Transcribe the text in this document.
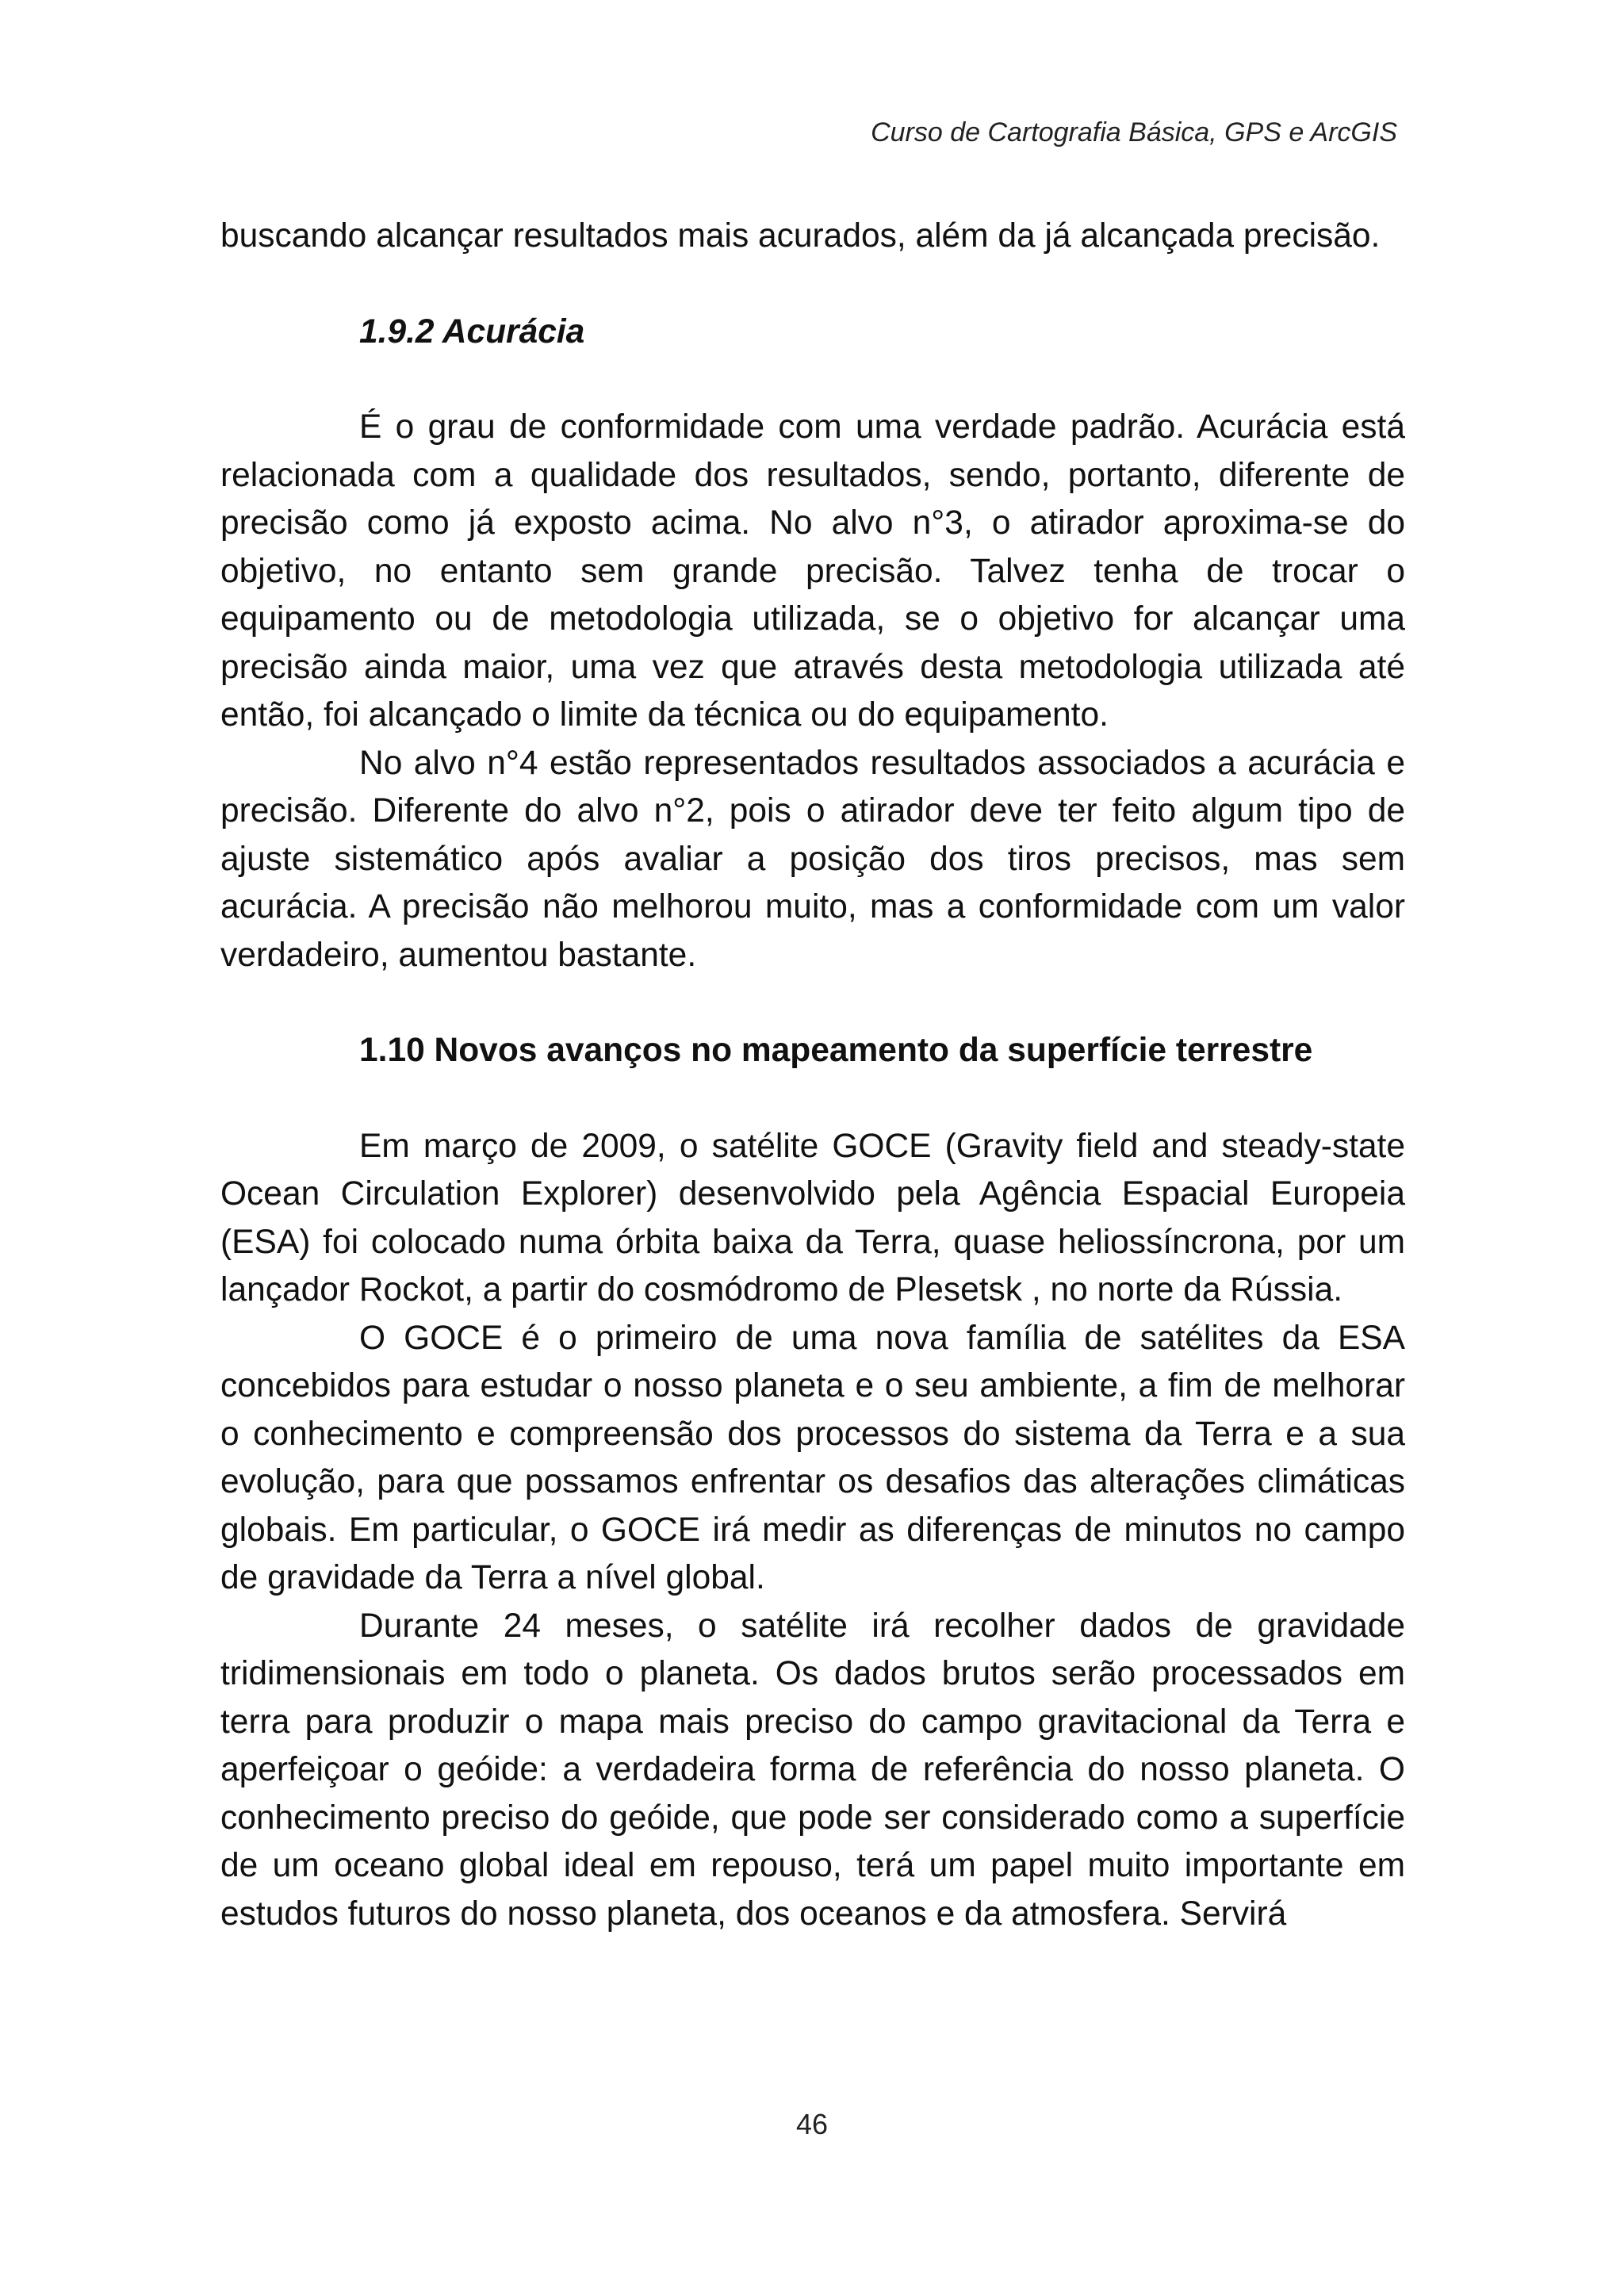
Curso de Cartografia Básica, GPS e ArcGIS

buscando alcançar resultados mais acurados, além da já alcançada precisão.

1.9.2 Acurácia

É o grau de conformidade com uma verdade padrão. Acurácia está relacionada com a qualidade dos resultados, sendo, portanto, diferente de precisão como já exposto acima. No alvo n°3, o atirador aproxima-se do objetivo, no entanto sem grande precisão. Talvez tenha de trocar o equipamento ou de metodologia utilizada, se o objetivo for alcançar uma precisão ainda maior, uma vez que através desta metodologia utilizada até então, foi alcançado o limite da técnica ou do equipamento.

No alvo n°4 estão representados resultados associados a acurácia e precisão. Diferente do alvo n°2, pois o atirador deve ter feito algum tipo de ajuste sistemático após avaliar a posição dos tiros precisos, mas sem acurácia. A precisão não melhorou muito, mas a conformidade com um valor verdadeiro, aumentou bastante.

1.10 Novos avanços no mapeamento da superfície terrestre

Em março de 2009, o satélite GOCE (Gravity field and steady-state Ocean Circulation Explorer) desenvolvido pela Agência Espacial Europeia (ESA) foi colocado numa órbita baixa da Terra, quase heliossíncrona, por um lançador Rockot, a partir do cosmódromo de Plesetsk , no norte da Rússia.

O GOCE é o primeiro de uma nova família de satélites da ESA concebidos para estudar o nosso planeta e o seu ambiente, a fim de melhorar o conhecimento e compreensão dos processos do sistema da Terra e a sua evolução, para que possamos enfrentar os desafios das alterações climáticas globais. Em particular, o GOCE irá medir as diferenças de minutos no campo de gravidade da Terra a nível global.

Durante 24 meses, o satélite irá recolher dados de gravidade tridimensionais em todo o planeta. Os dados brutos serão processados em terra para produzir o mapa mais preciso do campo gravitacional da Terra e aperfeiçoar o geóide: a verdadeira forma de referência do nosso planeta. O conhecimento preciso do geóide, que pode ser considerado como a superfície de um oceano global ideal em repouso, terá um papel muito importante em estudos futuros do nosso planeta, dos oceanos e da atmosfera. Servirá

46
